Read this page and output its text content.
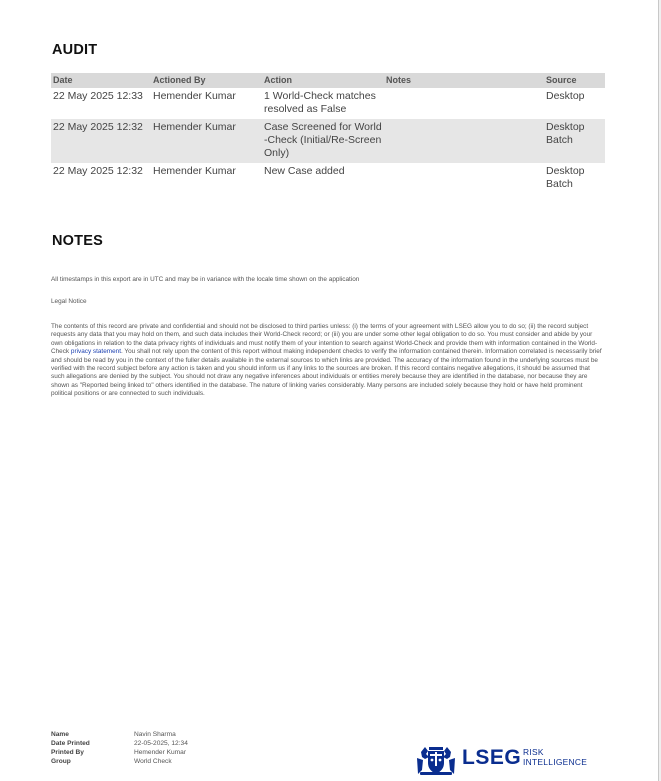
AUDIT
Date	Actioned By	Action	Notes	Source
22 May 2025 12:33	Hemender Kumar	1 World-Check matches resolved as False		Desktop
22 May 2025 12:32	Hemender Kumar	Case Screened for World-Check (Initial/Re-Screen Only)		Desktop Batch
22 May 2025 12:32	Hemender Kumar	New Case added		Desktop Batch
NOTES
All timestamps in this export are in UTC and may be in variance with the locale time shown on the application
Legal Notice
The contents of this record are private and confidential and should not be disclosed to third parties unless: (i) the terms of your agreement with LSEG allow you to do so; (ii) the record subject requests any data that you may hold on them, and such data includes their World-Check record; or (iii) you are under some other legal obligation to do so. You must consider and abide by your own obligations in relation to the data privacy rights of individuals and must notify them of your intention to search against World-Check and provide them with information contained in the World-Check privacy statement. You shall not rely upon the content of this report without making independent checks to verify the information contained therein. Information correlated is necessarily brief and should be read by you in the context of the fuller details available in the external sources to which links are provided. The accuracy of the information found in the underlying sources must be verified with the record subject before any action is taken and you should inform us if any links to the sources are broken. If this record contains negative allegations, it should be assumed that such allegations are denied by the subject. You should not draw any negative inferences about individuals or entities merely because they are identified in the database, nor because they are shown as "Reported being linked to" others identified in the database. The nature of linking varies considerably. Many persons are included solely because they hold or have held prominent political positions or are connected to such individuals.
Name	Navin Sharma
Date Printed	22-05-2025, 12:34
Printed By	Hemender Kumar
Group	World Check	LSEG RISK
INTELLIGENCE
